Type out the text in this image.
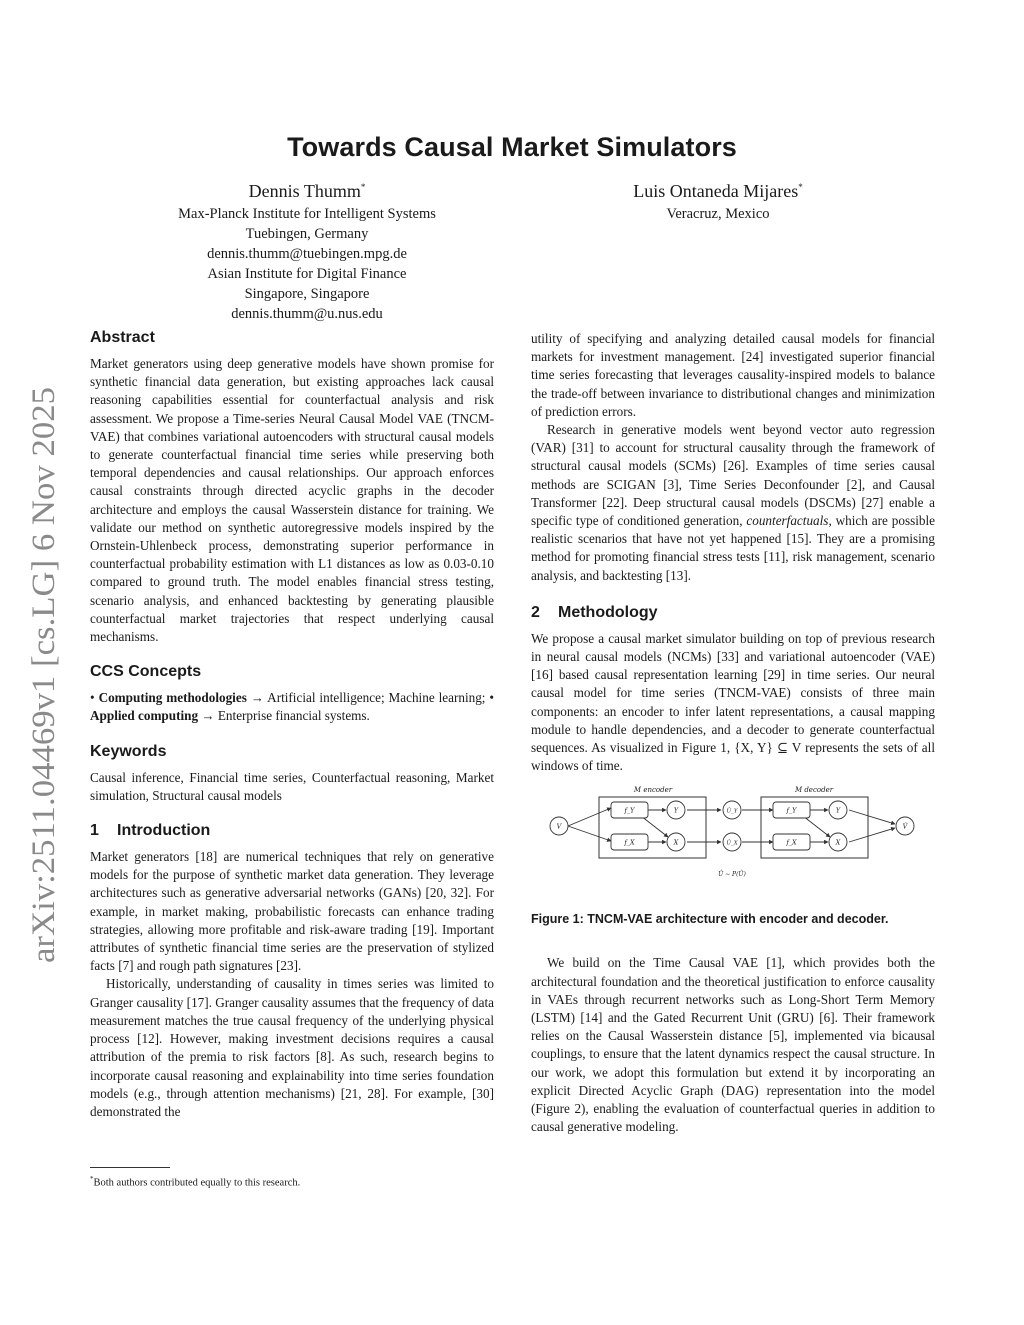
arXiv:2511.04469v1 [cs.LG] 6 Nov 2025
Towards Causal Market Simulators
Dennis Thumm*
Max-Planck Institute for Intelligent Systems
Tuebingen, Germany
dennis.thumm@tuebingen.mpg.de
Asian Institute for Digital Finance
Singapore, Singapore
dennis.thumm@u.nus.edu
Luis Ontaneda Mijares*
Veracruz, Mexico
Abstract

Market generators using deep generative models have shown promise for synthetic financial data generation, but existing approaches lack causal reasoning capabilities essential for counterfactual analysis and risk assessment. We propose a Time-series Neural Causal Model VAE (TNCM-VAE) that combines variational autoencoders with structural causal models to generate counterfactual financial time series while preserving both temporal dependencies and causal relationships. Our approach enforces causal constraints through directed acyclic graphs in the decoder architecture and employs the causal Wasserstein distance for training. We validate our method on synthetic autoregressive models inspired by the Ornstein-Uhlenbeck process, demonstrating superior performance in counterfactual probability estimation with L1 distances as low as 0.03-0.10 compared to ground truth. The model enables financial stress testing, scenario analysis, and enhanced backtesting by generating plausible counterfactual market trajectories that respect underlying causal mechanisms.

CCS Concepts

• Computing methodologies → Artificial intelligence; Machine learning; • Applied computing → Enterprise financial systems.

Keywords

Causal inference, Financial time series, Counterfactual reasoning, Market simulation, Structural causal models

1 Introduction

Market generators [18] are numerical techniques that rely on generative models for the purpose of synthetic market data generation. They leverage architectures such as generative adversarial networks (GANs) [20, 32]. For example, in market making, probabilistic forecasts can enhance trading strategies, allowing more profitable and risk-aware trading [19]. Important attributes of synthetic financial time series are the preservation of stylized facts [7] and rough path signatures [23].

Historically, understanding of causality in times series was limited to Granger causality [17]. Granger causality assumes that the frequency of data measurement matches the true causal frequency of the underlying physical process [12]. However, making investment decisions requires a causal attribution of the premia to risk factors [8]. As such, research begins to incorporate causal reasoning and explainability into time series foundation models (e.g., through attention mechanisms) [21, 28]. For example, [30] demonstrated the

utility of specifying and analyzing detailed causal models for financial markets for investment management. [24] investigated superior financial time series forecasting that leverages causality-inspired models to balance the trade-off between invariance to distributional changes and minimization of prediction errors.

Research in generative models went beyond vector auto regression (VAR) [31] to account for structural causality through the framework of structural causal models (SCMs) [26]. Examples of time series causal methods are SCIGAN [3], Time Series Deconfounder [2], and Causal Transformer [22]. Deep structural causal models (DSCMs) [27] enable a specific type of conditioned generation, counterfactuals, which are possible realistic scenarios that have not yet happened [15]. They are a promising method for promoting financial stress tests [11], risk management, scenario analysis, and backtesting [13].

2 Methodology

We propose a causal market simulator building on top of previous research in neural causal models (NCMs) [33] and variational autoencoder (VAE) [16] based causal representation learning [29] in time series. Our neural causal model for time series (TNCM-VAE) consists of three main components: an encoder to infer latent representations, a causal mapping module to handle dependencies, and a decoder to generate counterfactual sequences. As visualized in Figure 1, {X, Y} ⊆ V represents the sets of all windows of time.

M encoder	M decoder
V
f_Y
f_X
Y
X
Û_Y
Û_X
f_Y
f_X
Y
X
V̂
Û ∼ P(Û)
Figure 1: TNCM-VAE architecture with encoder and decoder.

We build on the Time Causal VAE [1], which provides both the architectural foundation and the theoretical justification to enforce causality in VAEs through recurrent networks such as Long-Short Term Memory (LSTM) [14] and the Gated Recurrent Unit (GRU) [6]. Their framework relies on the Causal Wasserstein distance [5], implemented via bicausal couplings, to ensure that the latent dynamics respect the causal structure. In our work, we adopt this formulation but extend it by incorporating an explicit Directed Acyclic Graph (DAG) representation into the model (Figure 2), enabling the evaluation of counterfactual queries in addition to causal generative modeling.

*Both authors contributed equally to this research.
